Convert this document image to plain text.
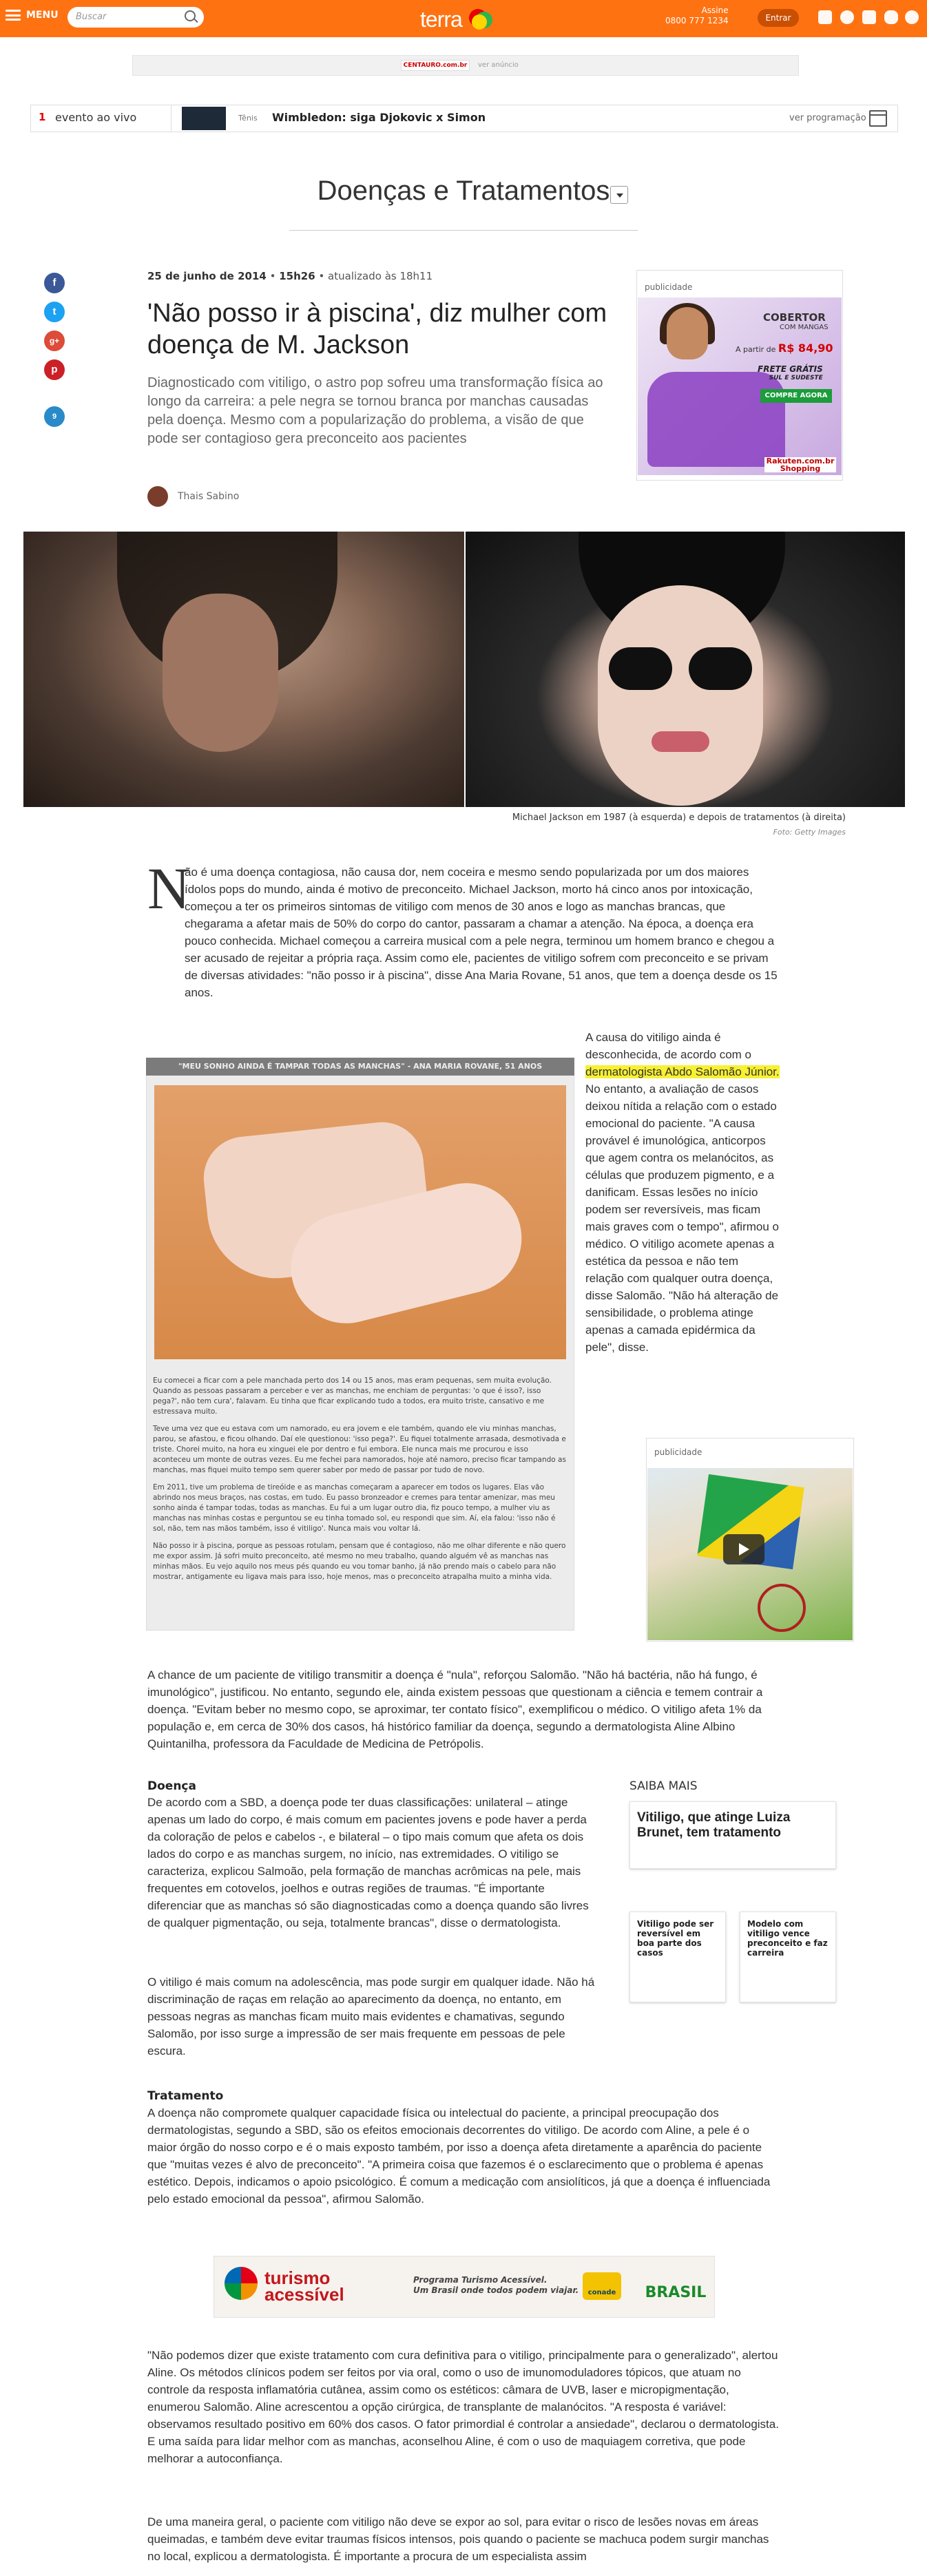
MENU	Buscar	terra	Assine
0800 777 1234	Entrar
CENTAURO.com.br	ver anúncio
1 evento ao vivo	Tênis Wimbledon: siga Djokovic x Simon	ver programação
Doenças e Tratamentos
f
t
g+
p
9
25 de junho de 2014 • 15h26 • atualizado às 18h11
'Não posso ir à piscina', diz mulher com doença de M. Jackson
Diagnosticado com vitiligo, o astro pop sofreu uma transformação física ao longo da carreira: a pele negra se tornou branca por manchas causadas pela doença. Mesmo com a popularização do problema, a visão de que pode ser contagioso gera preconceito aos pacientes
Thais Sabino
publicidade
COBERTOR
COM MANGAS
A partir de R$ 84,90
FRETE GRÁTIS
SUL E SUDESTE
COMPRE AGORA
Rakuten.com.br Shopping
Michael Jackson em 1987 (à esquerda) e depois de tratamentos (à direita)
Foto: Getty Images
N
ão é uma doença contagiosa, não causa dor, nem coceira e mesmo sendo popularizada por um dos maiores ídolos pops do mundo, ainda é motivo de preconceito. Michael Jackson, morto há cinco anos por intoxicação, começou a ter os primeiros sintomas de vitiligo com menos de 30 anos e logo as manchas brancas, que chegarama a afetar mais de 50% do corpo do cantor, passaram a chamar a atenção. Na época, a doença era pouco conhecida. Michael começou a carreira musical com a pele negra, terminou um homem branco e chegou a ser acusado de rejeitar a própria raça. Assim como ele, pacientes de vitiligo sofrem com preconceito e se privam de diversas atividades: "não posso ir à piscina", disse Ana Maria Rovane, 51 anos, que tem a doença desde os 15 anos.
"MEU SONHO AINDA É TAMPAR TODAS AS MANCHAS" - ANA MARIA ROVANE, 51 ANOS

Eu comecei a ficar com a pele manchada perto dos 14 ou 15 anos, mas eram pequenas, sem muita evolução. Quando as pessoas passaram a perceber e ver as manchas, me enchiam de perguntas: 'o que é isso?, isso pega?', não tem cura', falavam. Eu tinha que ficar explicando tudo a todos, era muito triste, cansativo e me estressava muito.

Teve uma vez que eu estava com um namorado, eu era jovem e ele também, quando ele viu minhas manchas, parou, se afastou, e ficou olhando. Daí ele questionou: 'isso pega?'. Eu fiquei totalmente arrasada, desmotivada e triste. Chorei muito, na hora eu xinguei ele por dentro e fui embora. Ele nunca mais me procurou e isso aconteceu um monte de outras vezes. Eu me fechei para namorados, hoje até namoro, preciso ficar tampando as manchas, mas fiquei muito tempo sem querer saber por medo de passar por tudo de novo.

Em 2011, tive um problema de tireóide e as manchas começaram a aparecer em todos os lugares. Elas vão abrindo nos meus braços, nas costas, em tudo. Eu passo bronzeador e cremes para tentar amenizar, mas meu sonho ainda é tampar todas, todas as manchas. Eu fui a um lugar outro dia, fiz pouco tempo, a mulher viu as manchas nas minhas costas e perguntou se eu tinha tomado sol, eu respondi que sim. Aí, ela falou: 'isso não é sol, não, tem nas mãos também, isso é vitiligo'. Nunca mais vou voltar lá.

Não posso ir à piscina, porque as pessoas rotulam, pensam que é contagioso, não me olhar diferente e não quero me expor assim. Já sofri muito preconceito, até mesmo no meu trabalho, quando alguém vê as manchas nas minhas mãos. Eu vejo aquilo nos meus pés quando eu vou tomar banho, já não prendo mais o cabelo para não mostrar, antigamente eu ligava mais para isso, hoje menos, mas o preconceito atrapalha muito a minha vida.

A causa do vitiligo ainda é desconhecida, de acordo com o dermatologista Abdo Salomão Júnior. No entanto, a avaliação de casos deixou nítida a relação com o estado emocional do paciente. "A causa provável é imunológica, anticorpos que agem contra os melanócitos, as células que produzem pigmento, e a danificam. Essas lesões no início podem ser reversíveis, mas ficam mais graves com o tempo", afirmou o médico. O vitiligo acomete apenas a estética da pessoa e não tem relação com qualquer outra doença, disse Salomão. "Não há alteração de sensibilidade, o problema atinge apenas a camada epidérmica da pele", disse.
publicidade
A chance de um paciente de vitiligo transmitir a doença é "nula", reforçou Salomão. "Não há bactéria, não há fungo, é imunológico", justificou. No entanto, segundo ele, ainda existem pessoas que questionam a ciência e temem contrair a doença. "Evitam beber no mesmo copo, se aproximar, ter contato físico", exemplificou o médico. O vitiligo afeta 1% da população e, em cerca de 30% dos casos, há histórico familiar da doença, segundo a dermatologista Aline Albino Quintanilha, professora da Faculdade de Medicina de Petrópolis.
Doença
De acordo com a SBD, a doença pode ter duas classificações: unilateral – atinge apenas um lado do corpo, é mais comum em pacientes jovens e pode haver a perda da coloração de pelos e cabelos -, e bilateral – o tipo mais comum que afeta os dois lados do corpo e as manchas surgem, no início, nas extremidades. O vitiligo se caracteriza, explicou Salmoão, pela formação de manchas acrômicas na pele, mais frequentes em cotovelos, joelhos e outras regiões de traumas. "É importante diferenciar que as manchas só são diagnosticadas como a doença quando são livres de qualquer pigmentação, ou seja, totalmente brancas", disse o dermatologista.
O vitiligo é mais comum na adolescência, mas pode surgir em qualquer idade. Não há discriminação de raças em relação ao aparecimento da doença, no entanto, em pessoas negras as manchas ficam muito mais evidentes e chamativas, segundo Salomão, por isso surge a impressão de ser mais frequente em pessoas de pele escura.
Tratamento
A doença não compromete qualquer capacidade física ou intelectual do paciente, a principal preocupação dos dermatologistas, segundo a SBD, são os efeitos emocionais decorrentes do vitiligo. De acordo com Aline, a pele é o maior órgão do nosso corpo e é o mais exposto também, por isso a doença afeta diretamente a aparência do paciente que "muitas vezes é alvo de preconceito". "A primeira coisa que fazemos é o esclarecimento que o problema é apenas estético. Depois, indicamos o apoio psicológico. É comum a medicação com ansiolíticos, já que a doença é influenciada pelo estado emocional da pessoa", afirmou Salomão.
SAIBA MAIS
Vitiligo, que atinge Luiza Brunet, tem tratamento
Vitiligo pode ser reversível em boa parte dos casos
Modelo com vitiligo vence preconceito e faz carreira
turismo
acessível
Programa Turismo Acessível.
Um Brasil onde todos podem viajar.	conade	BRASIL
"Não podemos dizer que existe tratamento com cura definitiva para o vitiligo, principalmente para o generalizado", alertou Aline. Os métodos clínicos podem ser feitos por via oral, como o uso de imunomoduladores tópicos, que atuam no controle da resposta inflamatória cutânea, assim como os estéticos: câmara de UVB, laser e micropigmentação, enumerou Salomão. Aline acrescentou a opção cirúrgica, de transplante de malanócitos. "A resposta é variável: observamos resultado positivo em 60% dos casos. O fator primordial é controlar a ansiedade", declarou o dermatologista. E uma saída para lidar melhor com as manchas, aconselhou Aline, é com o uso de maquiagem corretiva, que pode melhorar a autoconfiança.
De uma maneira geral, o paciente com vitiligo não deve se expor ao sol, para evitar o risco de lesões novas em áreas queimadas, e também deve evitar traumas físicos intensos, pois quando o paciente se machuca podem surgir manchas no local, explicou a dermatologista. É importante a procura de um especialista assim
